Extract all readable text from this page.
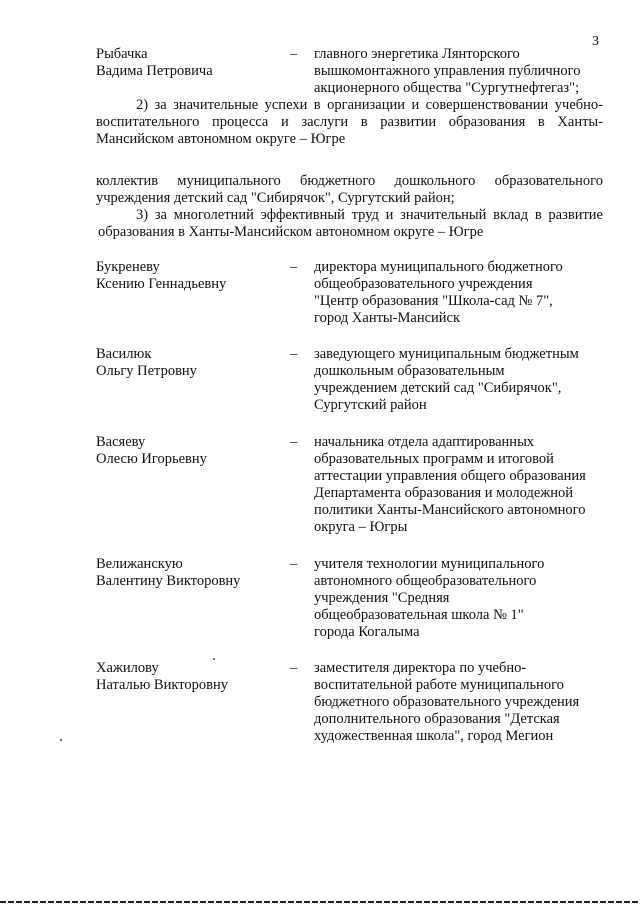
3
Рыбачка
Вадима Петровича
– главного энергетика Лянторского
вышкомонтажного управления публичного
акционерного общества "Сургутнефтегаз";
2) за значительные успехи в организации и совершенствовании учебно-
воспитательного процесса и заслуги в развитии образования в Ханты-
Мансийском автономном округе – Югре
коллектив муниципального бюджетного дошкольного образовательного
учреждения детский сад "Сибирячок", Сургутский район;
3) за многолетний эффективный труд и значительный вклад в развитие
образования в Ханты-Мансийском автономном округе – Югре
Букреневу
Ксению Геннадьевну
– директора муниципального бюджетного
общеобразовательного учреждения
"Центр образования "Школа-сад № 7",
город Ханты-Мансийск
Василюк
Ольгу Петровну
– заведующего муниципальным бюджетным
дошкольным образовательным
учреждением детский сад "Сибирячок",
Сургутский район
Васяеву
Олесю Игорьевну
– начальника отдела адаптированных
образовательных программ и итоговой
аттестации управления общего образования
Департамента образования и молодежной
политики Ханты-Мансийского автономного
округа – Югры
Велижанскую
Валентину Викторовну
– учителя технологии муниципального
автономного общеобразовательного
учреждения "Средняя
общеобразовательная школа № 1"
города Когалыма
Хажилову
Наталью Викторовну
– заместителя директора по учебно-
воспитательной работе муниципального
бюджетного образовательного учреждения
дополнительного образования "Детская
художественная школа", город Мегион
